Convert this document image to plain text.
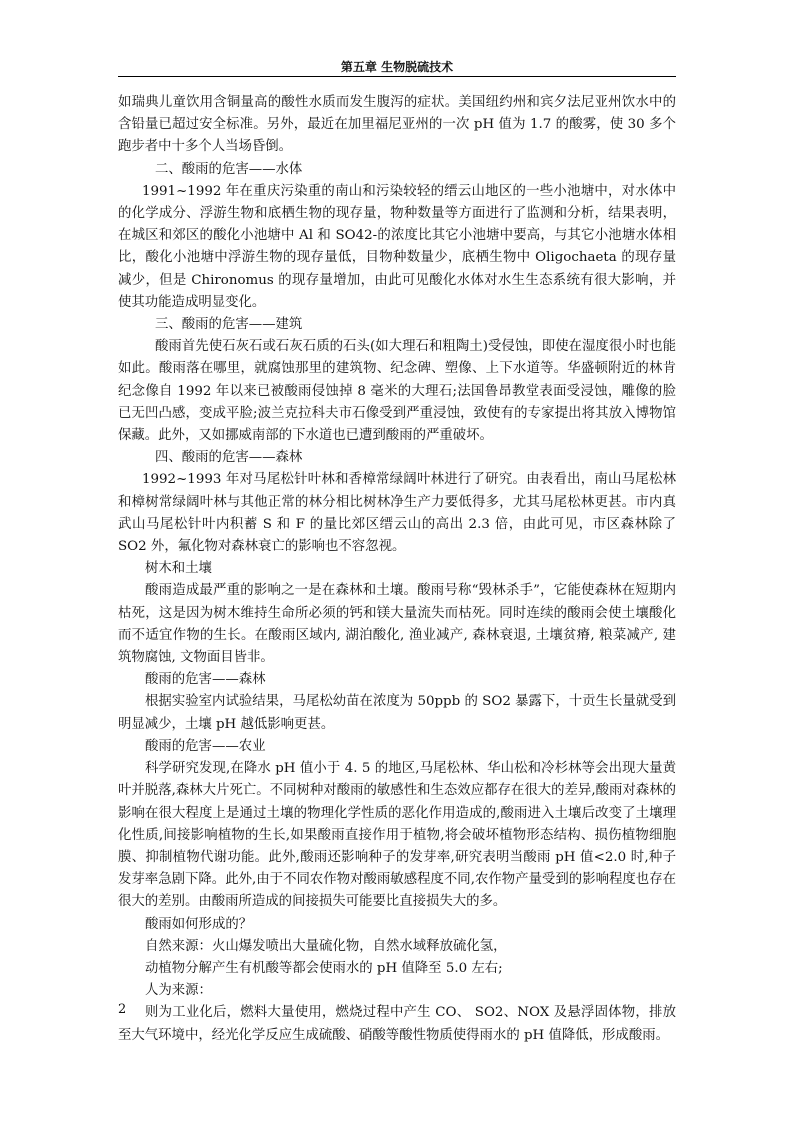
第五章 生物脱硫技术

如瑞典儿童饮用含铜量高的酸性水质而发生腹泻的症状。美国纽约州和宾夕法尼亚州饮水中的含铅量已超过安全标准。另外，最近在加里福尼亚州的一次 pH 值为 1.7 的酸雾，使 30 多个跑步者中十多个人当场昏倒。

二、酸雨的危害——水体

1991~1992 年在重庆污染重的南山和污染较轻的缙云山地区的一些小池塘中，对水体中的化学成分、浮游生物和底栖生物的现存量，物种数量等方面进行了监测和分析，结果表明，在城区和郊区的酸化小池塘中 Al 和 SO42-的浓度比其它小池塘中要高，与其它小池塘水体相比，酸化小池塘中浮游生物的现存量低，目物种数量少，底栖生物中 Oligochaeta 的现存量减少，但是 Chironomus 的现存量增加，由此可见酸化水体对水生生态系统有很大影响，并使其功能造成明显变化。

三、酸雨的危害——建筑

酸雨首先使石灰石或石灰石质的石头(如大理石和粗陶土)受侵蚀，即使在湿度很小时也能如此。酸雨落在哪里，就腐蚀那里的建筑物、纪念碑、塑像、上下水道等。华盛顿附近的林肯纪念像自 1992 年以来已被酸雨侵蚀掉 8 毫米的大理石;法国鲁昂教堂表面受浸蚀，雕像的脸已无凹凸感，变成平脸;波兰克拉科夫市石像受到严重浸蚀，致使有的专家提出将其放入博物馆保藏。此外，又如挪威南部的下水道也已遭到酸雨的严重破坏。

四、酸雨的危害——森林

1992~1993 年对马尾松针叶林和香樟常绿阔叶林进行了研究。由表看出，南山马尾松林和樟树常绿阔叶林与其他正常的林分相比树林净生产力要低得多，尤其马尾松林更甚。市内真武山马尾松针叶内积蓄 S 和 F 的量比郊区缙云山的高出 2.3 倍，由此可见，市区森林除了 SO2 外，氟化物对森林衰亡的影响也不容忽视。

树木和土壤

酸雨造成最严重的影响之一是在森林和土壤。酸雨号称“毁林杀手”，它能使森林在短期内枯死，这是因为树木维持生命所必须的钙和镁大量流失而枯死。同时连续的酸雨会使土壤酸化而不适宜作物的生长。在酸雨区域内, 湖泊酸化, 渔业减产, 森林衰退, 土壤贫瘠, 粮菜减产, 建筑物腐蚀, 文物面目皆非。

酸雨的危害——森林

根据实验室内试验结果，马尾松幼苗在浓度为 50ppb 的 SO2 暴露下，十贡生长量就受到明显减少，土壤 pH 越低影响更甚。

酸雨的危害——农业

科学研究发现,在降水 pH 值小于 4. 5 的地区,马尾松林、华山松和冷杉林等会出现大量黄叶并脱落,森林大片死亡。不同树种对酸雨的敏感性和生态效应都存在很大的差异,酸雨对森林的影响在很大程度上是通过土壤的物理化学性质的恶化作用造成的,酸雨进入土壤后改变了土壤理化性质,间接影响植物的生长,如果酸雨直接作用于植物,将会破坏植物形态结构、损伤植物细胞膜、抑制植物代谢功能。此外,酸雨还影响种子的发芽率,研究表明当酸雨 pH 值<2.0 时,种子发芽率急剧下降。此外,由于不同农作物对酸雨敏感程度不同,农作物产量受到的影响程度也存在很大的差别。由酸雨所造成的间接损失可能要比直接损失大的多。

酸雨如何形成的？

自然来源：火山爆发喷出大量硫化物，自然水域释放硫化氢，

动植物分解产生有机酸等都会使雨水的 pH 值降至 5.0 左右;

人为来源：

则为工业化后，燃料大量使用，燃烧过程中产生 CO、 SO2、NOX 及悬浮固体物，排放至大气环境中，经光化学反应生成硫酸、硝酸等酸性物质使得雨水的 pH 值降低，形成酸雨。

2
